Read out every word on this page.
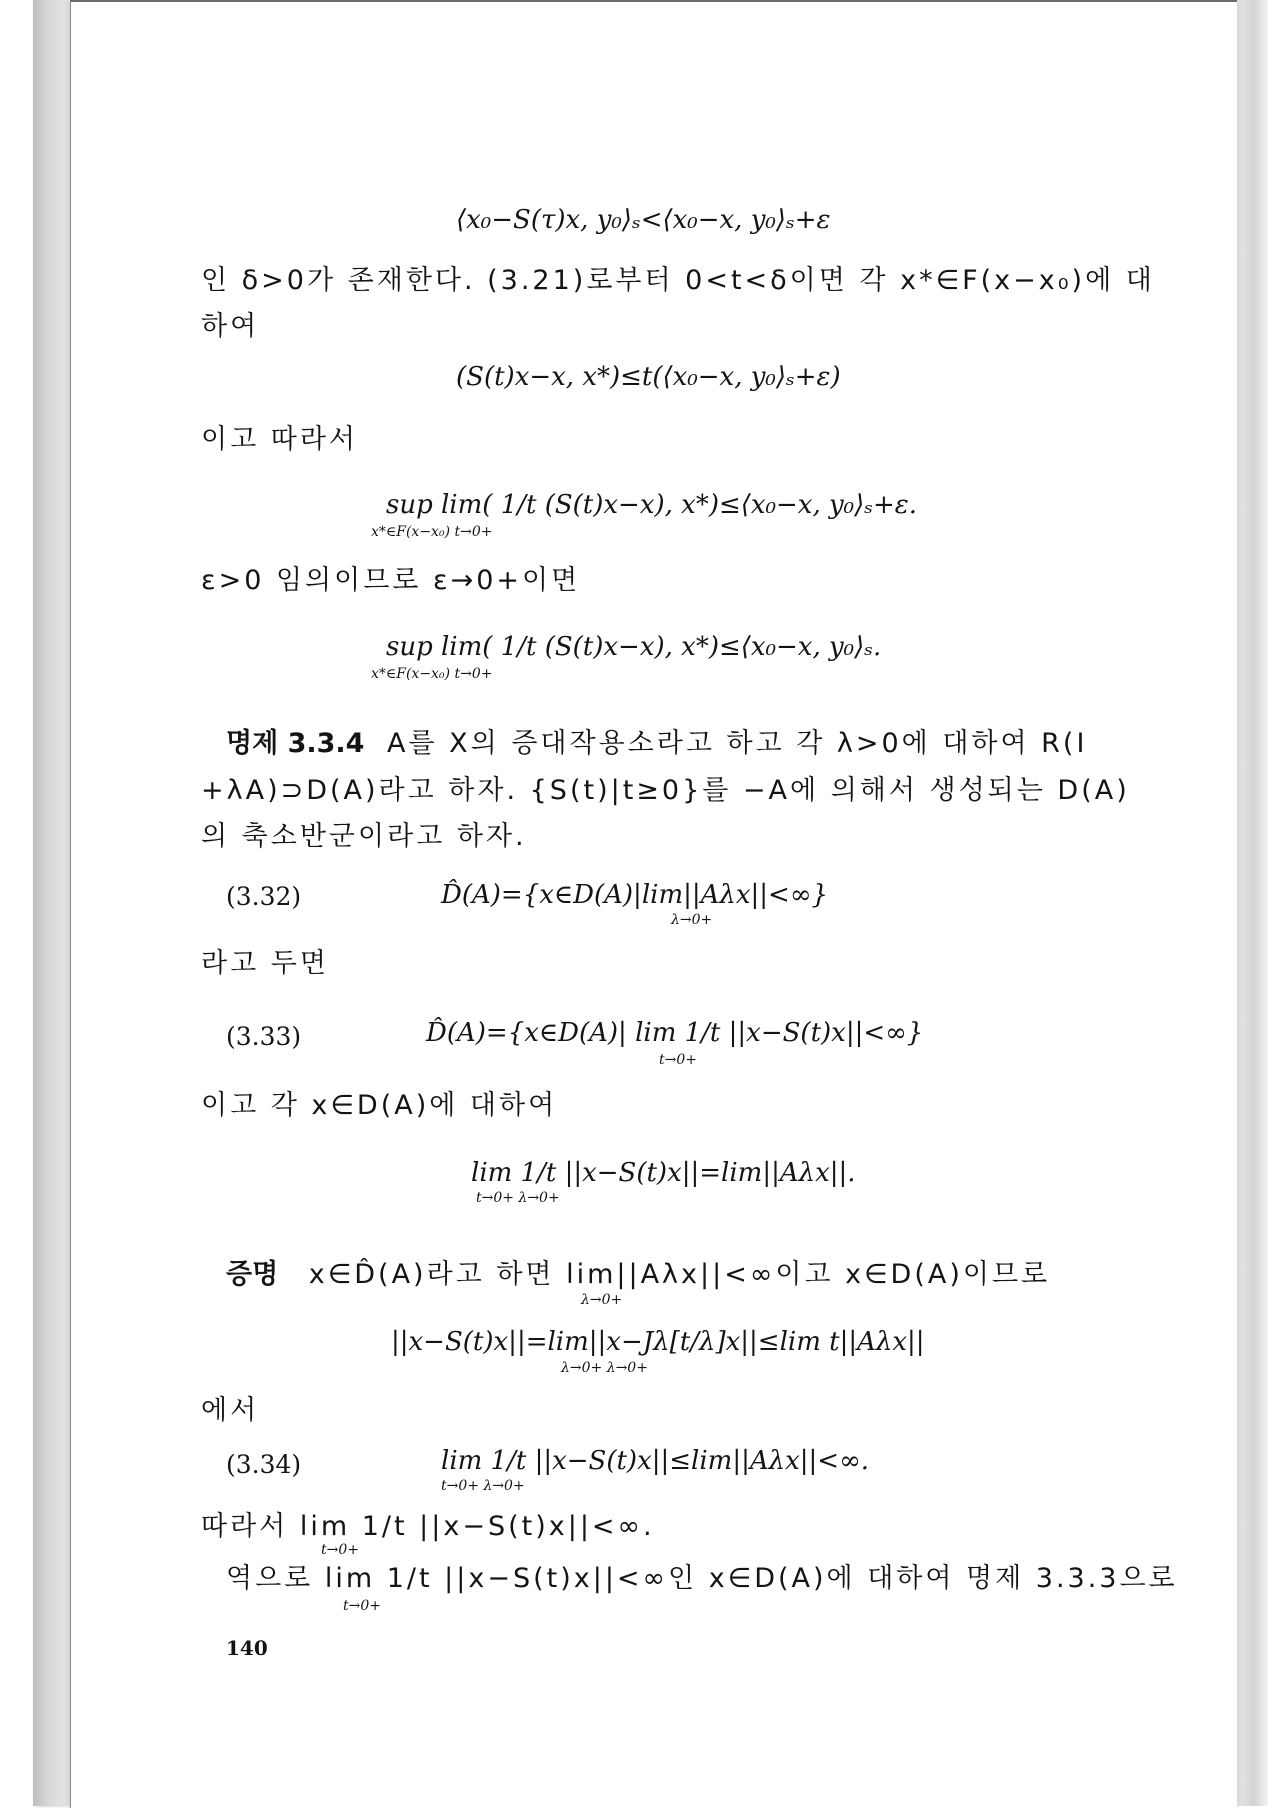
⟨x₀−S(τ)x, y₀⟩ₛ<⟨x₀−x, y₀⟩ₛ+ε
인 δ>0가 존재한다. (3.21)로부터 0<t<δ이면 각 x*∈F(x−x₀)에 대
하여
(S(t)x−x, x*)≤t(⟨x₀−x, y₀⟩ₛ+ε)
이고 따라서
sup lim( 1/t (S(t)x−x), x*)≤⟨x₀−x, y₀⟩ₛ+ε.
x*∈F(x−x₀) t→0+
ε>0 임의이므로 ε→0+이면
sup lim( 1/t (S(t)x−x), x*)≤⟨x₀−x, y₀⟩ₛ.
x*∈F(x−x₀) t→0+
명제 3.3.4 A를 X의 증대작용소라고 하고 각 λ>0에 대하여 R(I
+λA)⊃D(A)라고 하자. {S(t)|t≥0}를 −A에 의해서 생성되는 D(A)
의 축소반군이라고 하자.
(3.32)	D̂(A)={x∈D(A)|lim||Aλx||<∞}
λ→0+
라고 두면
(3.33)	D̂(A)={x∈D(A)| lim 1/t ||x−S(t)x||<∞}
t→0+
이고 각 x∈D(A)에 대하여
lim 1/t ||x−S(t)x||=lim||Aλx||.
t→0+ λ→0+
증명 x∈D̂(A)라고 하면 lim||Aλx||<∞이고 x∈D(A)이므로
λ→0+
||x−S(t)x||=lim||x−Jλ[t/λ]x||≤lim t||Aλx||
λ→0+ λ→0+
에서
(3.34)	lim 1/t ||x−S(t)x||≤lim||Aλx||<∞.
t→0+ λ→0+
따라서 lim 1/t ||x−S(t)x||<∞.
t→0+
역으로 lim 1/t ||x−S(t)x||<∞인 x∈D(A)에 대하여 명제 3.3.3으로
t→0+
140
